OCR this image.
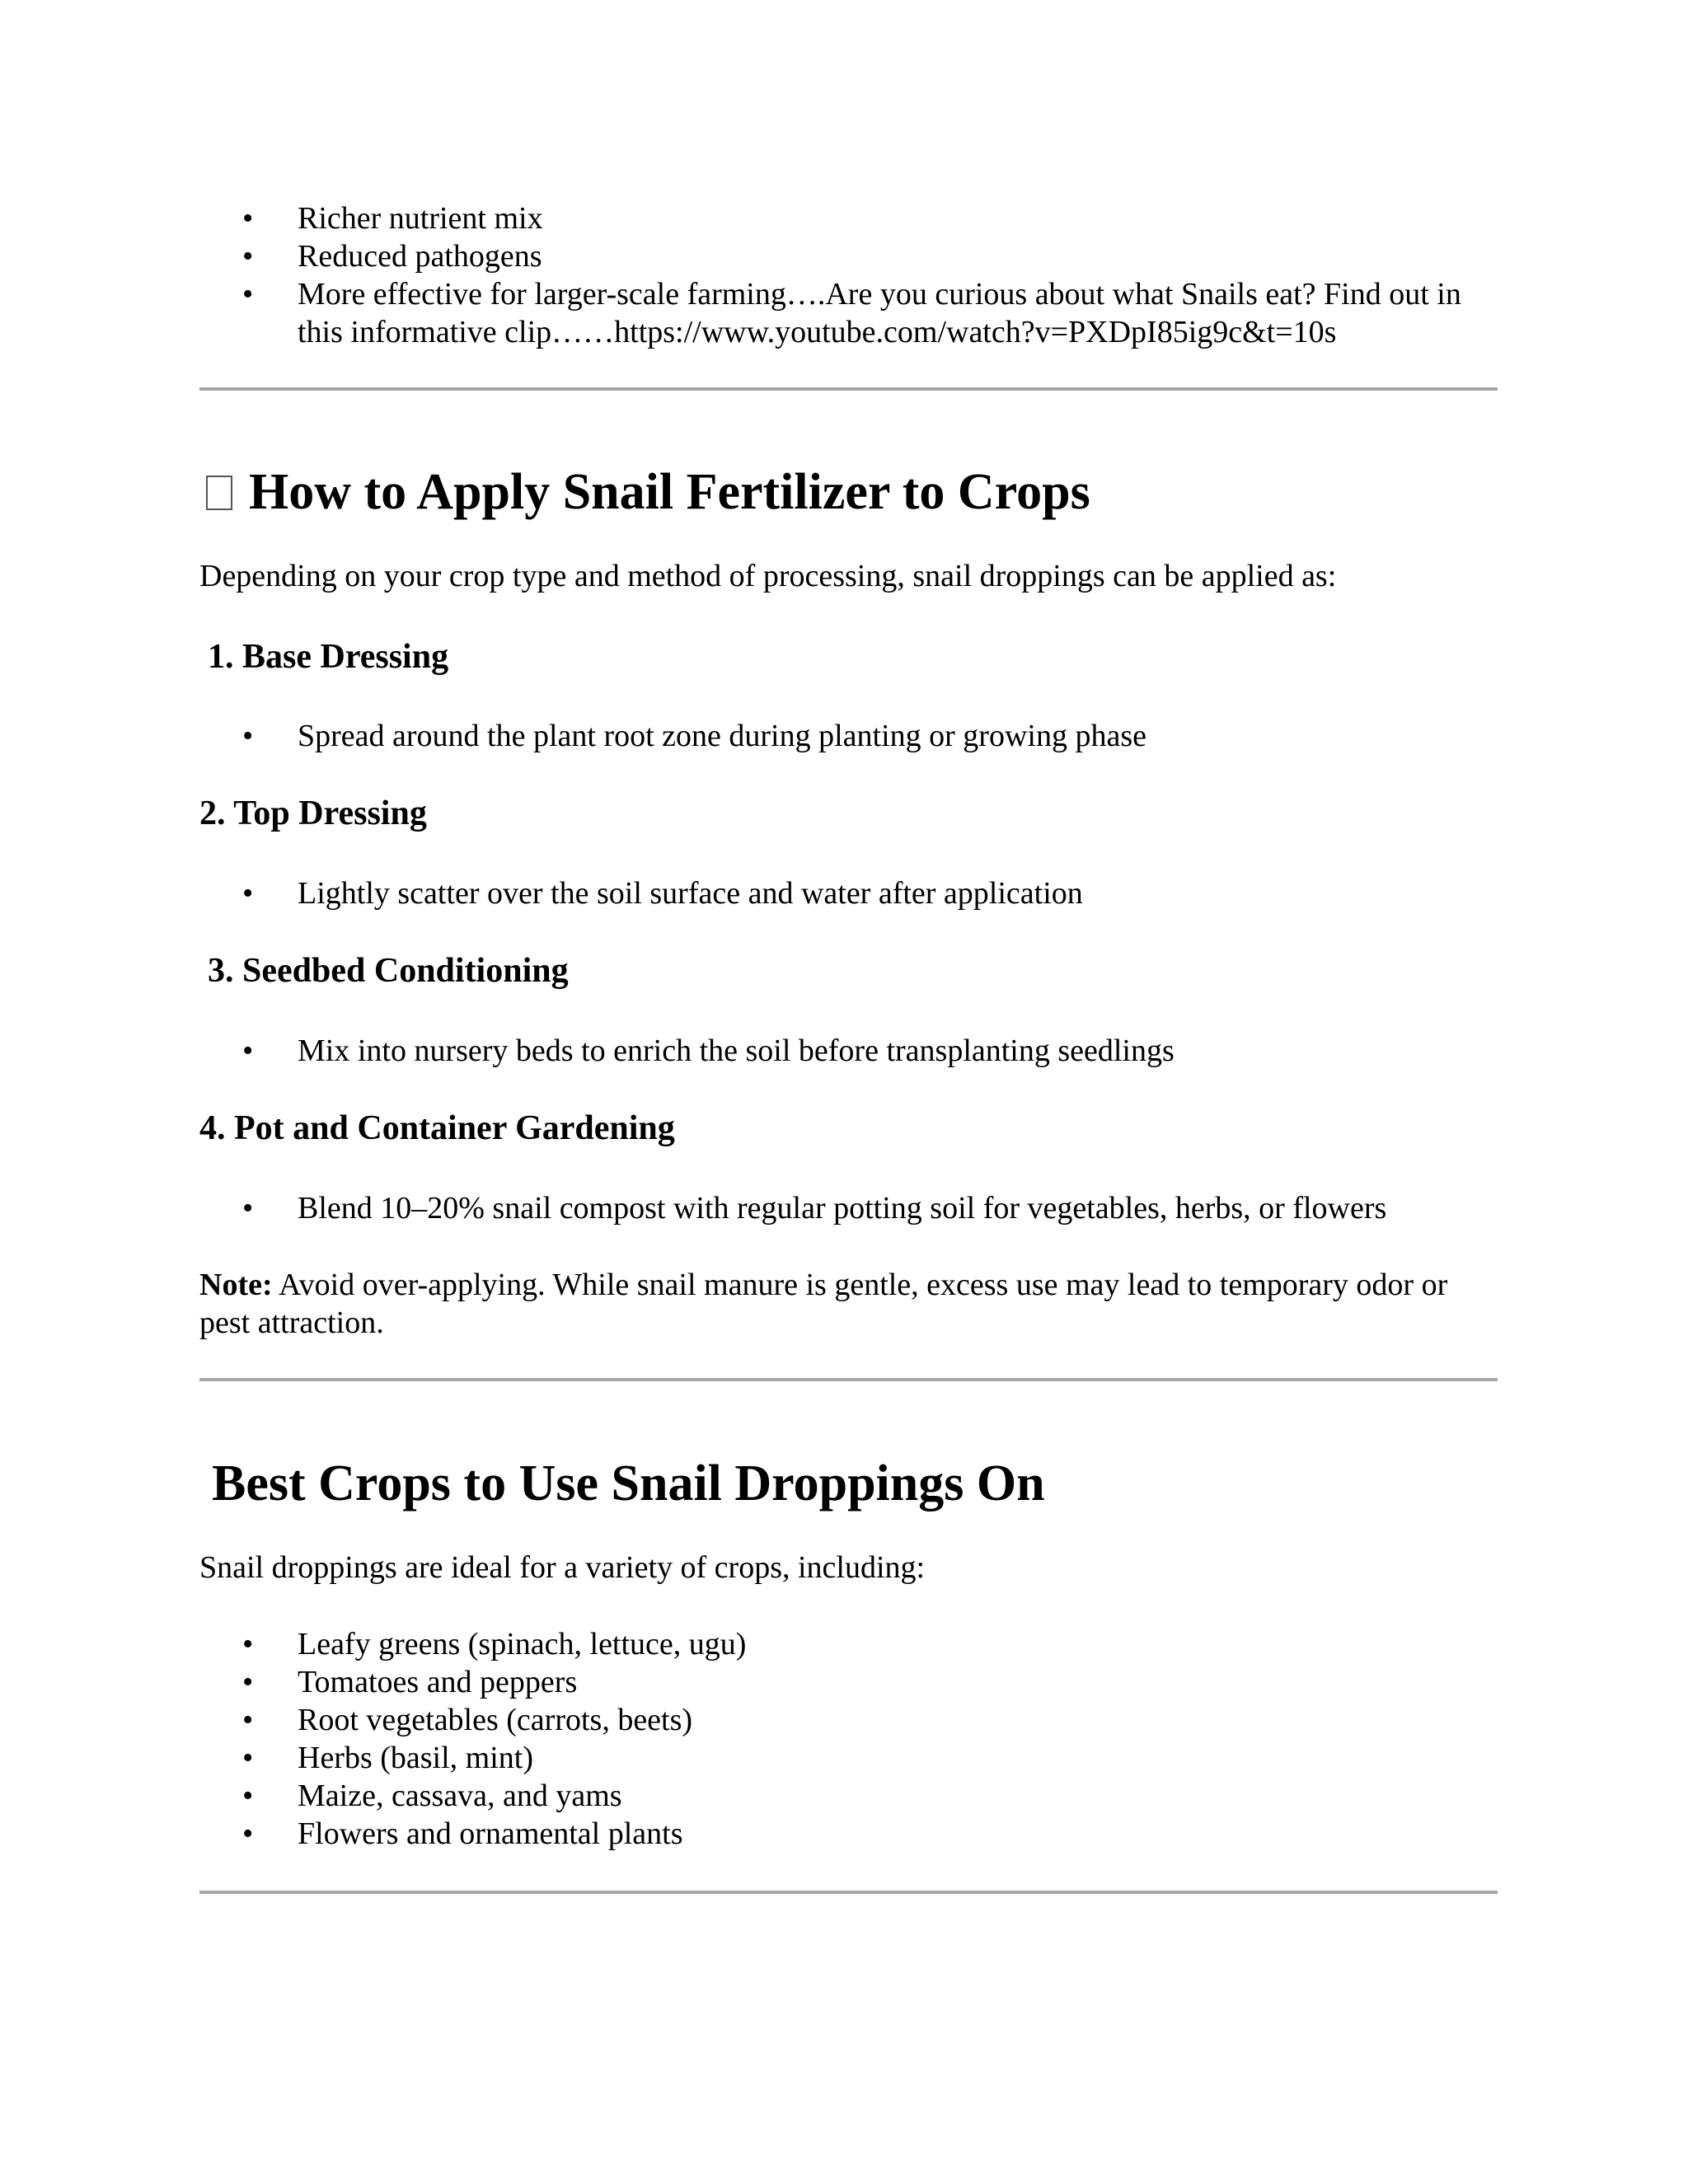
• Richer nutrient mix
• Reduced pathogens
• More effective for larger-scale farming….Are you curious about what Snails eat? Find out in this informative clip……https://www.youtube.com/watch?v=PXDpI85ig9c&t=10s
How to Apply Snail Fertilizer to Crops

Depending on your crop type and method of processing, snail droppings can be applied as:

1. Base Dressing
• Spread around the plant root zone during planting or growing phase
2. Top Dressing
• Lightly scatter over the soil surface and water after application
3. Seedbed Conditioning
• Mix into nursery beds to enrich the soil before transplanting seedlings
4. Pot and Container Gardening
• Blend 10–20% snail compost with regular potting soil for vegetables, herbs, or flowers

Note: Avoid over-applying. While snail manure is gentle, excess use may lead to temporary odor or pest attraction.

Best Crops to Use Snail Droppings On

Snail droppings are ideal for a variety of crops, including:

• Leafy greens (spinach, lettuce, ugu)
• Tomatoes and peppers
• Root vegetables (carrots, beets)
• Herbs (basil, mint)
• Maize, cassava, and yams
• Flowers and ornamental plants
